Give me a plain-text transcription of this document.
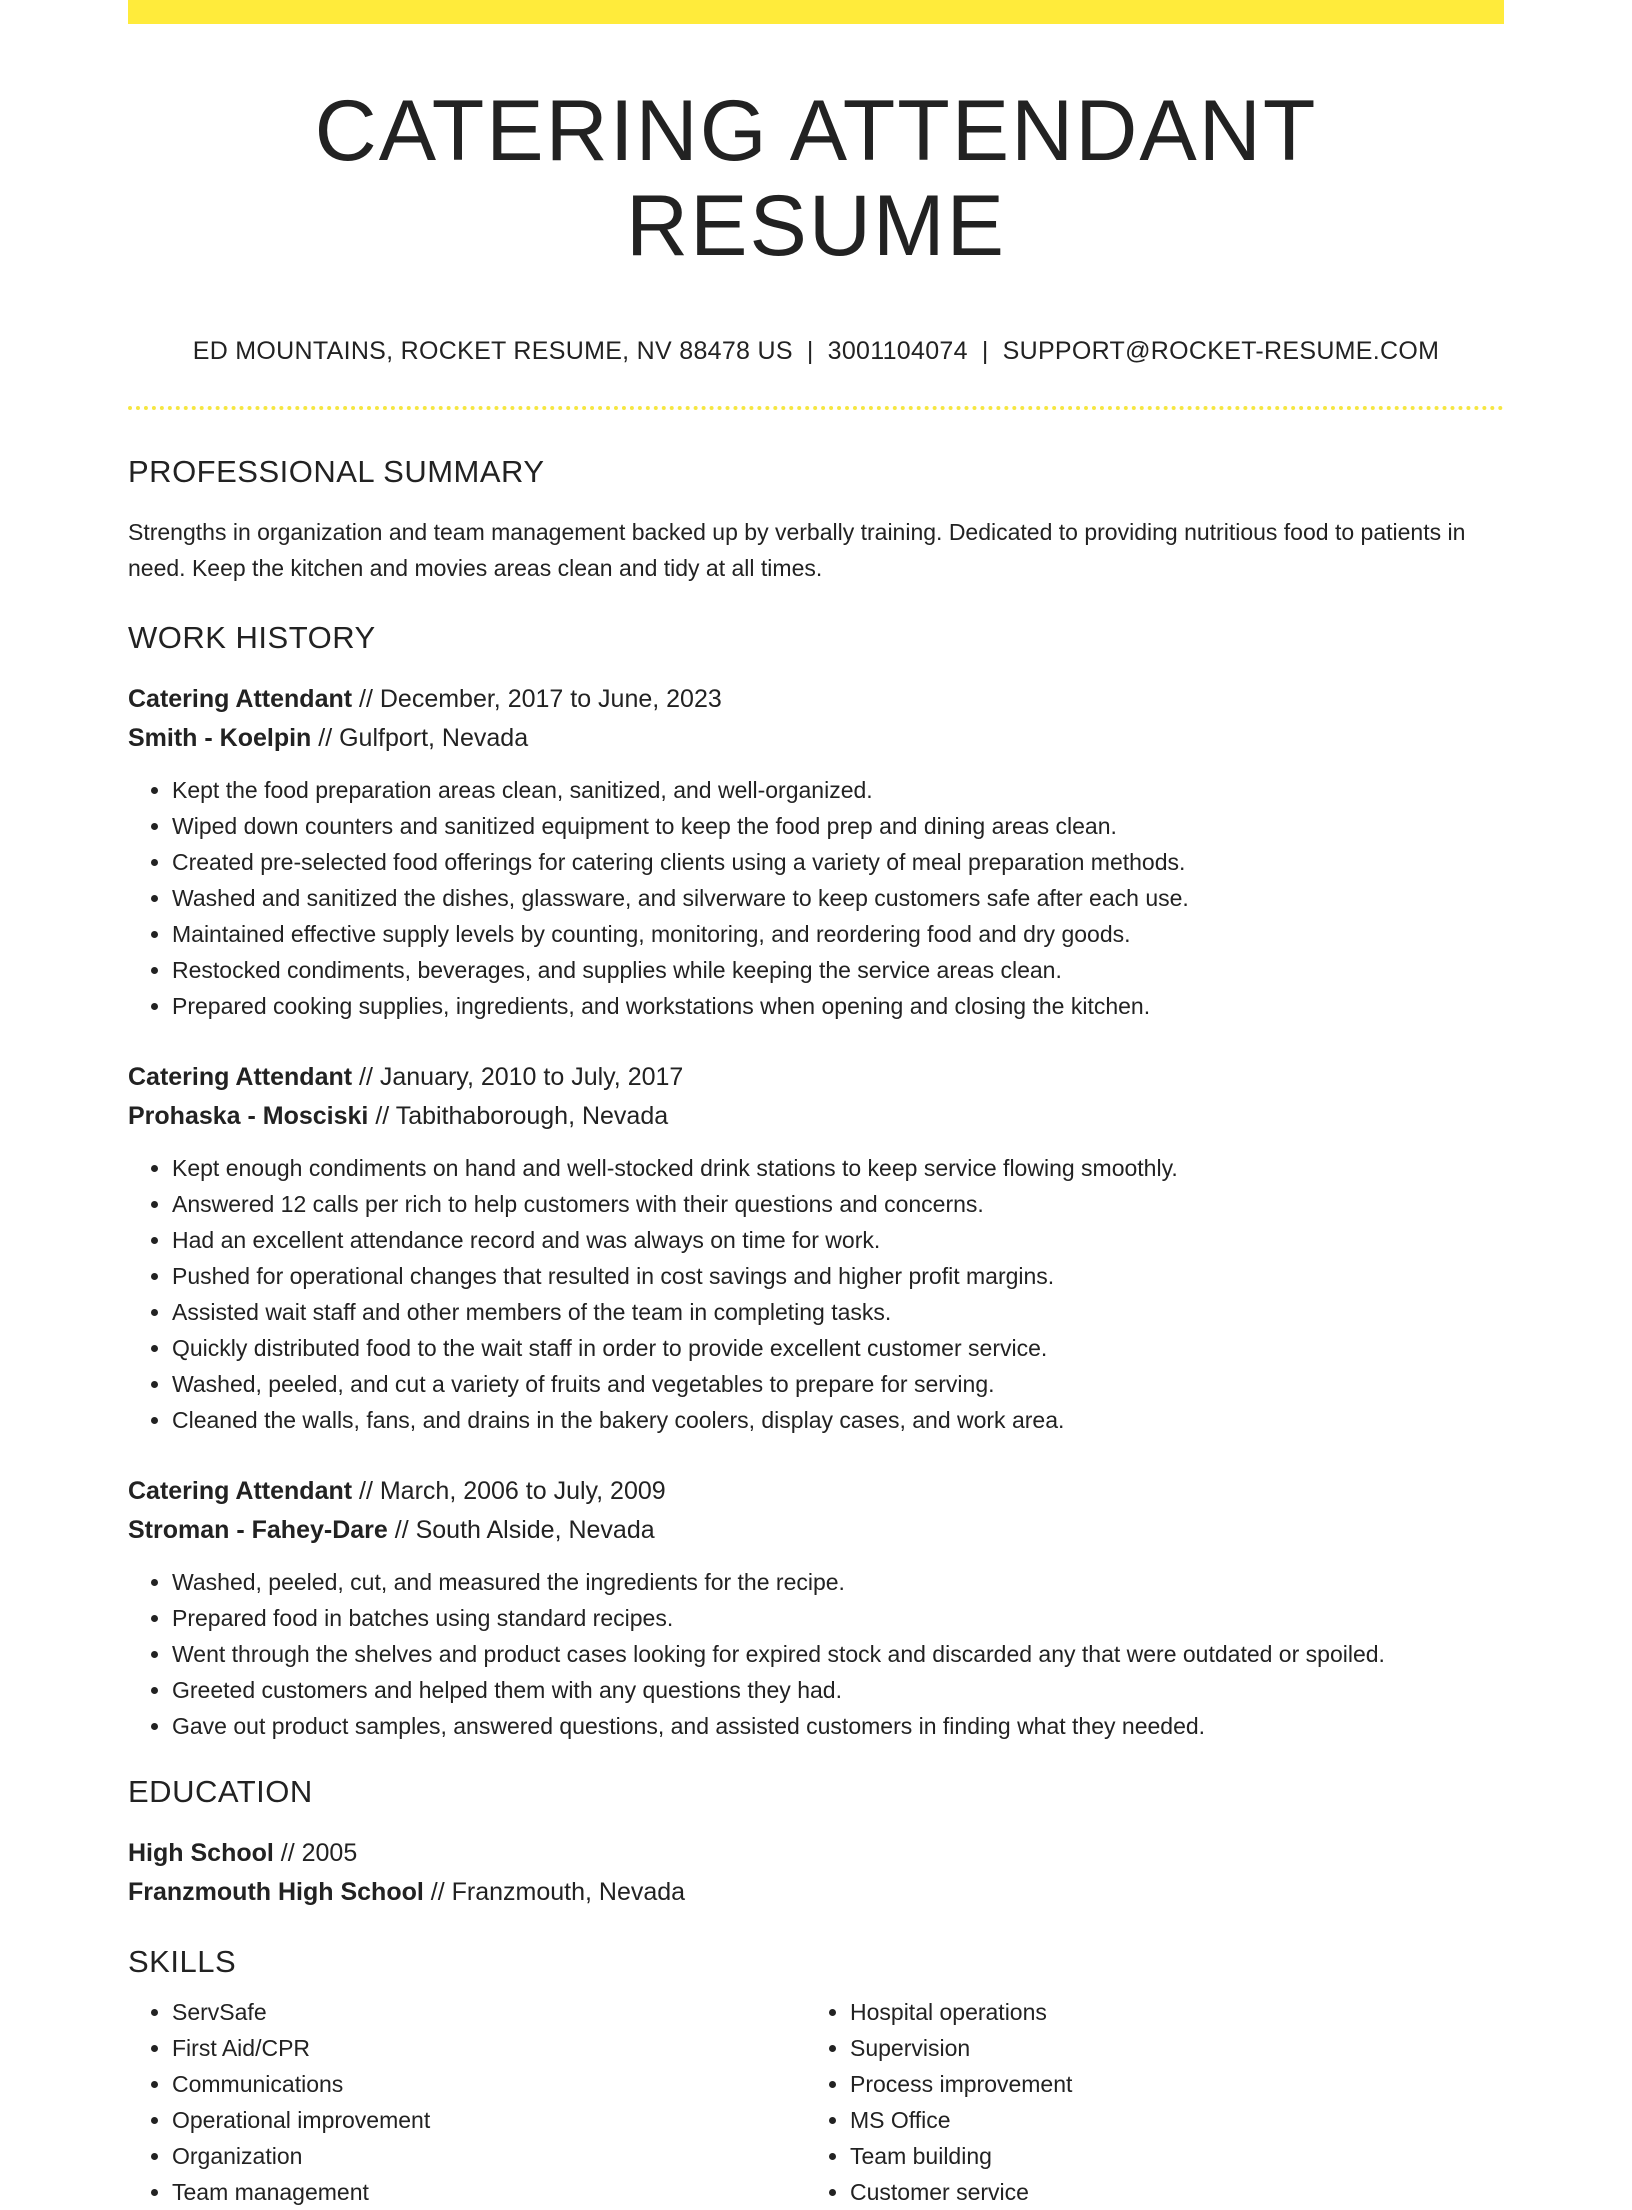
CATERING ATTENDANT RESUME
ED MOUNTAINS, ROCKET RESUME, NV 88478 US | 3001104074 | SUPPORT@ROCKET-RESUME.COM
PROFESSIONAL SUMMARY
Strengths in organization and team management backed up by verbally training. Dedicated to providing nutritious food to patients in need. Keep the kitchen and movies areas clean and tidy at all times.
WORK HISTORY
Catering Attendant // December, 2017 to June, 2023
Smith - Koelpin // Gulfport, Nevada
• Kept the food preparation areas clean, sanitized, and well-organized.
• Wiped down counters and sanitized equipment to keep the food prep and dining areas clean.
• Created pre-selected food offerings for catering clients using a variety of meal preparation methods.
• Washed and sanitized the dishes, glassware, and silverware to keep customers safe after each use.
• Maintained effective supply levels by counting, monitoring, and reordering food and dry goods.
• Restocked condiments, beverages, and supplies while keeping the service areas clean.
• Prepared cooking supplies, ingredients, and workstations when opening and closing the kitchen.
Catering Attendant // January, 2010 to July, 2017
Prohaska - Mosciski // Tabithaborough, Nevada
• Kept enough condiments on hand and well-stocked drink stations to keep service flowing smoothly.
• Answered 12 calls per rich to help customers with their questions and concerns.
• Had an excellent attendance record and was always on time for work.
• Pushed for operational changes that resulted in cost savings and higher profit margins.
• Assisted wait staff and other members of the team in completing tasks.
• Quickly distributed food to the wait staff in order to provide excellent customer service.
• Washed, peeled, and cut a variety of fruits and vegetables to prepare for serving.
• Cleaned the walls, fans, and drains in the bakery coolers, display cases, and work area.
Catering Attendant // March, 2006 to July, 2009
Stroman - Fahey-Dare // South Alside, Nevada
• Washed, peeled, cut, and measured the ingredients for the recipe.
• Prepared food in batches using standard recipes.
• Went through the shelves and product cases looking for expired stock and discarded any that were outdated or spoiled.
• Greeted customers and helped them with any questions they had.
• Gave out product samples, answered questions, and assisted customers in finding what they needed.
EDUCATION
High School // 2005
Franzmouth High School // Franzmouth, Nevada
SKILLS
• ServSafe
• First Aid/CPR
• Communications
• Operational improvement
• Organization
• Team management
• Hospital operations
• Supervision
• Process improvement
• MS Office
• Team building
• Customer service
